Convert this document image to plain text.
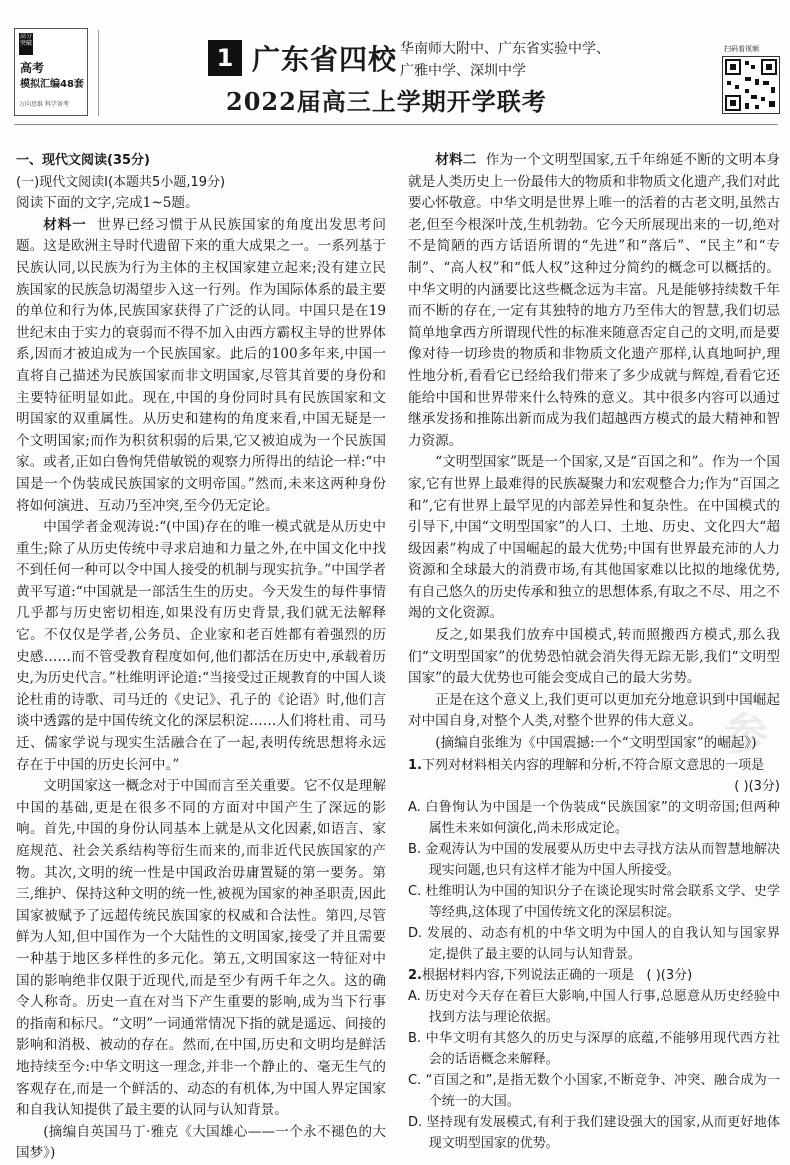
高分
突破
高考
模拟汇编48套
万向思维 科学备考
1 广东省四校 华南师大附中、广东省实验中学、
广雅中学、深圳中学
2022届高三上学期开学联考
扫码看视频

一、现代文阅读(35分)

(一)现代文阅读Ⅰ(本题共5小题,19分)

阅读下面的文字,完成1~5题。

材料一 世界已经习惯于从民族国家的角度出发思考问题。这是欧洲主导时代遗留下来的重大成果之一。一系列基于民族认同,以民族为行为主体的主权国家建立起来;没有建立民族国家的民族急切渴望步入这一行列。作为国际体系的最主要的单位和行为体,民族国家获得了广泛的认同。中国只是在19世纪末由于实力的衰弱而不得不加入由西方霸权主导的世界体系,因而才被迫成为一个民族国家。此后的100多年来,中国一直将自己描述为民族国家而非文明国家,尽管其首要的身份和主要特征明显如此。现在,中国的身份同时具有民族国家和文明国家的双重属性。从历史和建构的角度来看,中国无疑是一个文明国家;而作为积贫积弱的后果,它又被迫成为一个民族国家。或者,正如白鲁恂凭借敏锐的观察力所得出的结论一样:“中国是一个伪装成民族国家的文明帝国。”然而,未来这两种身份将如何演进、互动乃至冲突,至今仍无定论。

中国学者金观涛说:“(中国)存在的唯一模式就是从历史中重生;除了从历史传统中寻求启迪和力量之外,在中国文化中找不到任何一种可以令中国人接受的机制与现实抗争。”中国学者黄平写道:“中国就是一部活生生的历史。今天发生的每件事情几乎都与历史密切相连,如果没有历史背景,我们就无法解释它。不仅仅是学者,公务员、企业家和老百姓都有着强烈的历史感……而不管受教育程度如何,他们都活在历史中,承载着历史,为历史代言。”杜维明评论道:“当接受过正规教育的中国人谈论杜甫的诗歌、司马迁的《史记》、孔子的《论语》时,他们言谈中透露的是中国传统文化的深层积淀……人们将杜甫、司马迁、儒家学说与现实生活融合在了一起,表明传统思想将永远存在于中国的历史长河中。”

文明国家这一概念对于中国而言至关重要。它不仅是理解中国的基础,更是在很多不同的方面对中国产生了深远的影响。首先,中国的身份认同基本上就是从文化因素,如语言、家庭规范、社会关系结构等衍生而来的,而非近代民族国家的产物。其次,文明的统一性是中国政治毋庸置疑的第一要务。第三,维护、保持这种文明的统一性,被视为国家的神圣职责,因此国家被赋予了远超传统民族国家的权威和合法性。第四,尽管鲜为人知,但中国作为一个大陆性的文明国家,接受了并且需要一种基于地区多样性的多元化。第五,文明国家这一特征对中国的影响绝非仅限于近现代,而是至少有两千年之久。这的确令人称奇。历史一直在对当下产生重要的影响,成为当下行事的指南和标尺。“文明”一词通常情况下指的就是遥远、间接的影响和消极、被动的存在。然而,在中国,历史和文明均是鲜活地持续至今:中华文明这一理念,并非一个静止的、毫无生气的客观存在,而是一个鲜活的、动态的有机体,为中国人界定国家和自我认知提供了最主要的认同与认知背景。

(摘编自英国马丁·雅克《大国雄心——一个永不褪色的大国梦》)

材料二 作为一个文明型国家,五千年绵延不断的文明本身就是人类历史上一份最伟大的物质和非物质文化遗产,我们对此要心怀敬意。中华文明是世界上唯一的活着的古老文明,虽然古老,但至今根深叶茂,生机勃勃。它今天所展现出来的一切,绝对不是简陋的西方话语所谓的“先进”和“落后”、“民主”和“专制”、“高人权”和“低人权”这种过分简约的概念可以概括的。中华文明的内涵要比这些概念远为丰富。凡是能够持续数千年而不断的存在,一定有其独特的地方乃至伟大的智慧,我们切忌简单地拿西方所谓现代性的标准来随意否定自己的文明,而是要像对待一切珍贵的物质和非物质文化遗产那样,认真地呵护,理性地分析,看看它已经给我们带来了多少成就与辉煌,看看它还能给中国和世界带来什么特殊的意义。其中很多内容可以通过继承发扬和推陈出新而成为我们超越西方模式的最大精神和智力资源。

“文明型国家”既是一个国家,又是“百国之和”。作为一个国家,它有世界上最难得的民族凝聚力和宏观整合力;作为“百国之和”,它有世界上最罕见的内部差异性和复杂性。在中国模式的引导下,中国“文明型国家”的人口、土地、历史、文化四大“超级因素”构成了中国崛起的最大优势;中国有世界最充沛的人力资源和全球最大的消费市场,有其他国家难以比拟的地缘优势,有自己悠久的历史传承和独立的思想体系,有取之不尽、用之不竭的文化资源。

反之,如果我们放弃中国模式,转而照搬西方模式,那么我们“文明型国家”的优势恐怕就会消失得无踪无影,我们“文明型国家”的最大优势也可能会变成自己的最大劣势。

正是在这个意义上,我们更可以更加充分地意识到中国崛起对中国自身,对整个人类,对整个世界的伟大意义。

(摘编自张维为《中国震撼:一个“文明型国家”的崛起》)

1.下列对材料相关内容的理解和分析,不符合原文意思的一项是
( )(3分)
A. 白鲁恂认为中国是一个伪装成“民族国家”的文明帝国;但两种属性未来如何演化,尚未形成定论。
B. 金观涛认为中国的发展要从历史中去寻找方法从而智慧地解决现实问题,也只有这样才能为中国人所接受。
C. 杜维明认为中国的知识分子在谈论现实时常会联系文学、史学等经典,这体现了中国传统文化的深层积淀。
D. 发展的、动态有机的中华文明为中国人的自我认知与国家界定,提供了最主要的认同与认知背景。
2.根据材料内容,下列说法正确的一项是 ( )(3分)
A. 历史对今天存在着巨大影响,中国人行事,总愿意从历史经验中找到方法与理论依据。
B. 中华文明有其悠久的历史与深厚的底蕴,不能够用现代西方社会的话语概念来解释。
C. “百国之和”,是指无数个小国家,不断竞争、冲突、融合成为一个统一的大国。
D. 坚持现有发展模式,有利于我们建设强大的国家,从而更好地体现文明型国家的优势。
参
